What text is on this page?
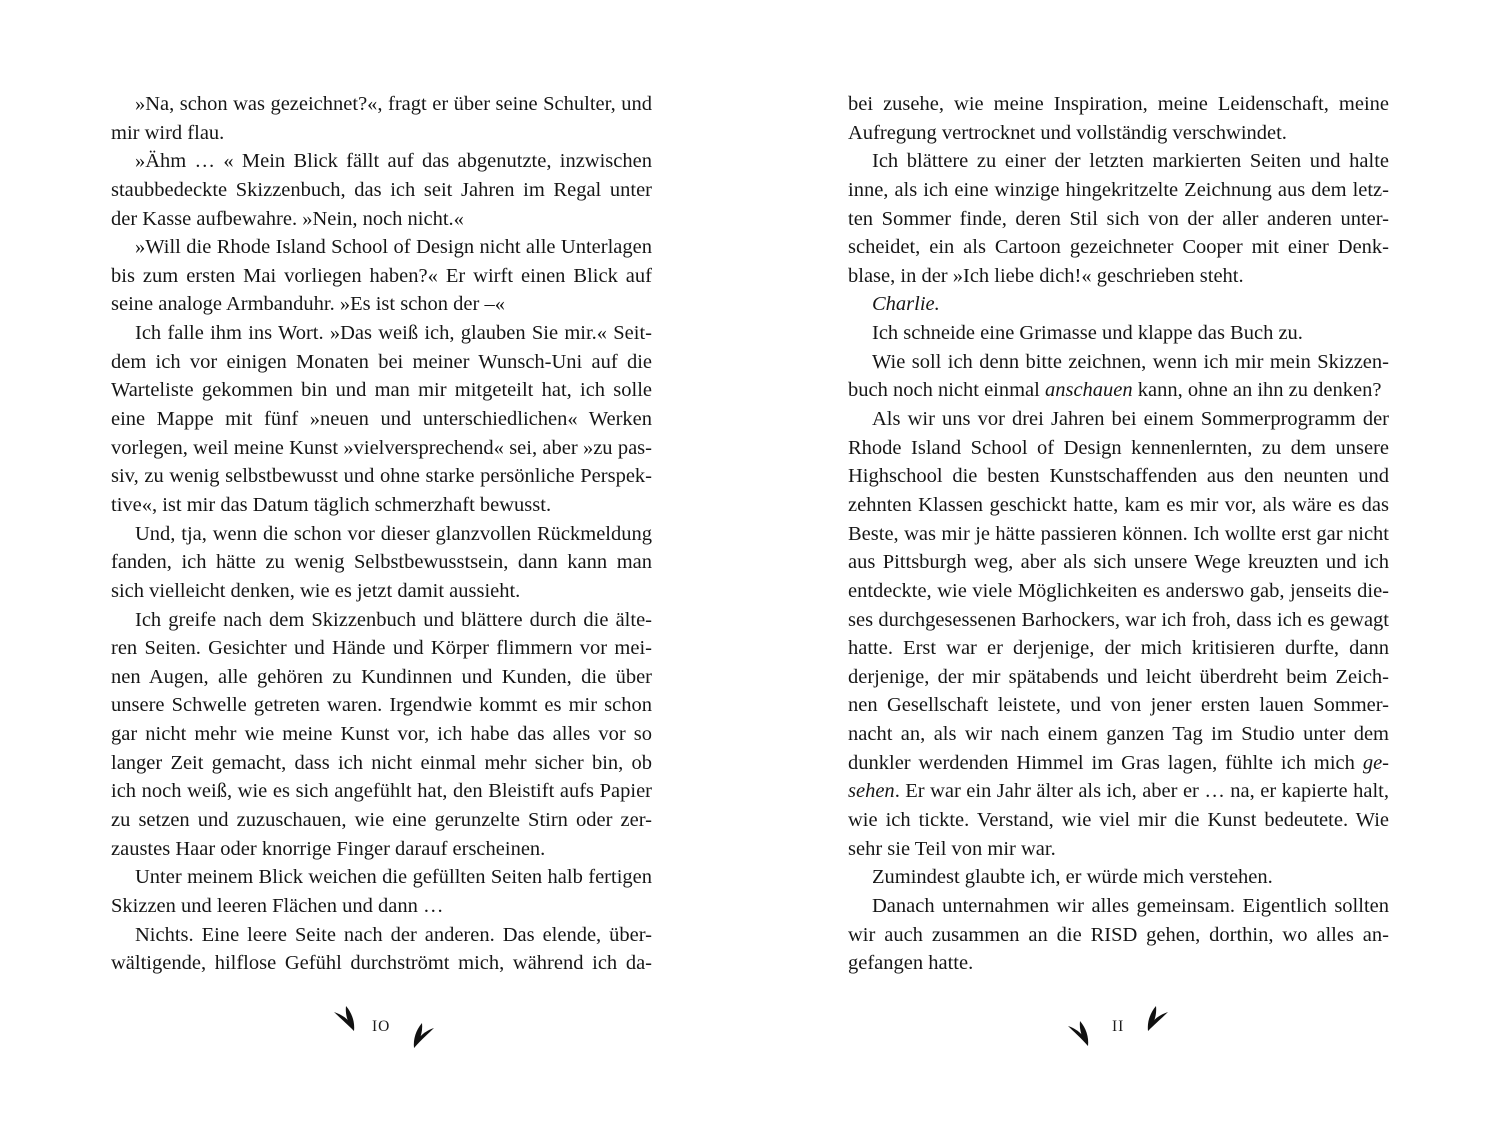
»Na, schon was gezeichnet?«, fragt er über seine Schulter, und
mir wird flau.
»Ähm … « Mein Blick fällt auf das abgenutzte, inzwischen
staubbedeckte Skizzenbuch, das ich seit Jahren im Regal unter
der Kasse aufbewahre. »Nein, noch nicht.«
»Will die Rhode Island School of Design nicht alle Unterlagen
bis zum ersten Mai vorliegen haben?« Er wirft einen Blick auf
seine analoge Armbanduhr. »Es ist schon der –«
Ich falle ihm ins Wort. »Das weiß ich, glauben Sie mir.« Seit-
dem ich vor einigen Monaten bei meiner Wunsch-Uni auf die
Warteliste gekommen bin und man mir mitgeteilt hat, ich solle
eine Mappe mit fünf »neuen und unterschiedlichen« Werken
vorlegen, weil meine Kunst »vielversprechend« sei, aber »zu pas-
siv, zu wenig selbstbewusst und ohne starke persönliche Perspek-
tive«, ist mir das Datum täglich schmerzhaft bewusst.
Und, tja, wenn die schon vor dieser glanzvollen Rückmeldung
fanden, ich hätte zu wenig Selbstbewusstsein, dann kann man
sich vielleicht denken, wie es jetzt damit aussieht.
Ich greife nach dem Skizzenbuch und blättere durch die älte-
ren Seiten. Gesichter und Hände und Körper flimmern vor mei-
nen Augen, alle gehören zu Kundinnen und Kunden, die über
unsere Schwelle getreten waren. Irgendwie kommt es mir schon
gar nicht mehr wie meine Kunst vor, ich habe das alles vor so
langer Zeit gemacht, dass ich nicht einmal mehr sicher bin, ob
ich noch weiß, wie es sich angefühlt hat, den Bleistift aufs Papier
zu setzen und zuzuschauen, wie eine gerunzelte Stirn oder zer-
zaustes Haar oder knorrige Finger darauf erscheinen.
Unter meinem Blick weichen die gefüllten Seiten halb fertigen
Skizzen und leeren Flächen und dann …
Nichts. Eine leere Seite nach der anderen. Das elende, über-
wältigende, hilflose Gefühl durchströmt mich, während ich da-
bei zusehe, wie meine Inspiration, meine Leidenschaft, meine
Aufregung vertrocknet und vollständig verschwindet.
Ich blättere zu einer der letzten markierten Seiten und halte
inne, als ich eine winzige hingekritzelte Zeichnung aus dem letz-
ten Sommer finde, deren Stil sich von der aller anderen unter-
scheidet, ein als Cartoon gezeichneter Cooper mit einer Denk-
blase, in der »Ich liebe dich!« geschrieben steht.
Charlie.
Ich schneide eine Grimasse und klappe das Buch zu.
Wie soll ich denn bitte zeichnen, wenn ich mir mein Skizzen-
buch noch nicht einmal anschauen kann, ohne an ihn zu denken?
Als wir uns vor drei Jahren bei einem Sommerprogramm der
Rhode Island School of Design kennenlernten, zu dem unsere
Highschool die besten Kunstschaffenden aus den neunten und
zehnten Klassen geschickt hatte, kam es mir vor, als wäre es das
Beste, was mir je hätte passieren können. Ich wollte erst gar nicht
aus Pittsburgh weg, aber als sich unsere Wege kreuzten und ich
entdeckte, wie viele Möglichkeiten es anderswo gab, jenseits die-
ses durchgesessenen Barhockers, war ich froh, dass ich es gewagt
hatte. Erst war er derjenige, der mich kritisieren durfte, dann
derjenige, der mir spätabends und leicht überdreht beim Zeich-
nen Gesellschaft leistete, und von jener ersten lauen Sommer-
nacht an, als wir nach einem ganzen Tag im Studio unter dem
dunkler werdenden Himmel im Gras lagen, fühlte ich mich ge-
sehen. Er war ein Jahr älter als ich, aber er … na, er kapierte halt,
wie ich tickte. Verstand, wie viel mir die Kunst bedeutete. Wie
sehr sie Teil von mir war.
Zumindest glaubte ich, er würde mich verstehen.
Danach unternahmen wir alles gemeinsam. Eigentlich sollten
wir auch zusammen an die RISD gehen, dorthin, wo alles an-
gefangen hatte.
IO	II
